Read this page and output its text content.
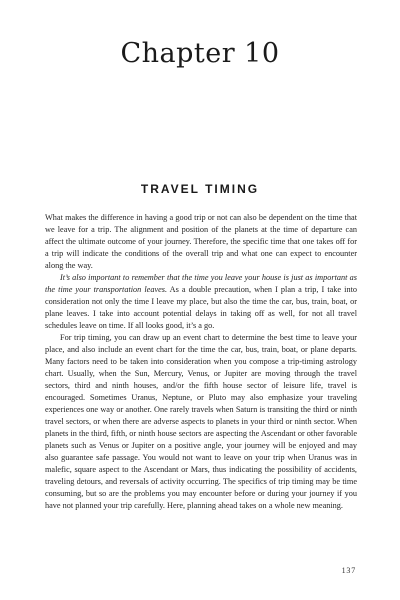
Chapter 10
TRAVEL TIMING

What makes the difference in having a good trip or not can also be dependent on the time that we leave for a trip. The alignment and position of the planets at the time of departure can affect the ultimate outcome of your journey. Therefore, the specific time that one takes off for a trip will indicate the conditions of the overall trip and what one can expect to encounter along the way.

It’s also important to remember that the time you leave your house is just as important as the time your transportation leaves. As a double precaution, when I plan a trip, I take into consideration not only the time I leave my place, but also the time the car, bus, train, boat, or plane leaves. I take into account potential delays in taking off as well, for not all travel schedules leave on time. If all looks good, it’s a go.

For trip timing, you can draw up an event chart to determine the best time to leave your place, and also include an event chart for the time the car, bus, train, boat, or plane departs. Many factors need to be taken into consideration when you compose a trip-timing astrology chart. Usually, when the Sun, Mercury, Venus, or Jupiter are moving through the travel sectors, third and ninth houses, and/or the fifth house sector of leisure life, travel is encouraged. Sometimes Uranus, Neptune, or Pluto may also emphasize your traveling experiences one way or another. One rarely travels when Saturn is transiting the third or ninth travel sectors, or when there are adverse aspects to planets in your third or ninth sector. When planets in the third, fifth, or ninth house sectors are aspecting the Ascendant or other favorable planets such as Venus or Jupiter on a positive angle, your journey will be enjoyed and may also guarantee safe passage. You would not want to leave on your trip when Uranus was in malefic, square aspect to the Ascendant or Mars, thus indicating the possibility of accidents, traveling detours, and reversals of activity occurring. The specifics of trip timing may be time consuming, but so are the problems you may encounter before or during your journey if you have not planned your trip carefully. Here, planning ahead takes on a whole new meaning.

137
